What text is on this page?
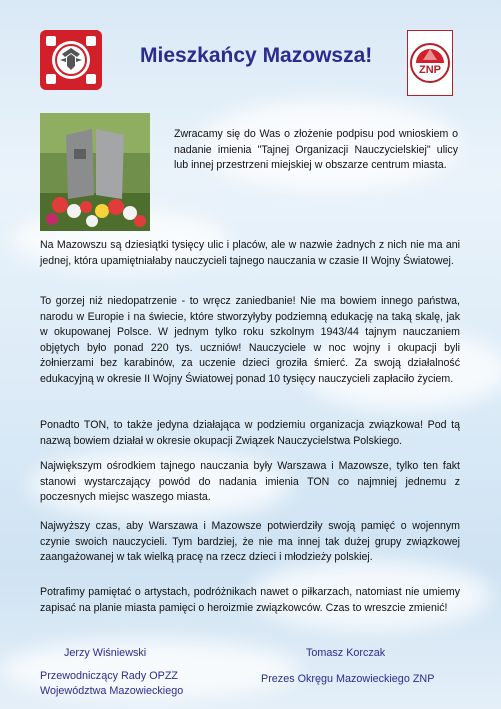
Mieszkańcy Mazowsza!
ZNP

Zwracamy się do Was o złożenie podpisu pod wnioskiem o nadanie imienia "Tajnej Organizacji Nauczycielskiej" ulicy lub innej przestrzeni miejskiej w obszarze centrum miasta.

Na Mazowszu są dziesiątki tysięcy ulic i placów, ale w nazwie żadnych z nich nie ma ani jednej, która upamiętniałaby nauczycieli tajnego nauczania w czasie II Wojny Światowej.

To gorzej niż niedopatrzenie - to wręcz zaniedbanie! Nie ma bowiem innego państwa, narodu w Europie i na świecie, które stworzyłyby podziemną edukację na taką skalę, jak w okupowanej Polsce. W jednym tylko roku szkolnym 1943/44 tajnym nauczaniem objętych było ponad 220 tys. uczniów! Nauczyciele w noc wojny i okupacji byli żołnierzami bez karabinów, za uczenie dzieci groziła śmierć. Za swoją działalność edukacyjną w okresie II Wojny Światowej ponad 10 tysięcy nauczycieli zapłaciło życiem.

Ponadto TON, to także jedyna działająca w podziemiu organizacja związkowa! Pod tą nazwą bowiem działał w okresie okupacji Związek Nauczycielstwa Polskiego.

Największym ośrodkiem tajnego nauczania były Warszawa i Mazowsze, tylko ten fakt stanowi wystarczający powód do nadania imienia TON co najmniej jednemu z poczesnych miejsc waszego miasta.

Najwyższy czas, aby Warszawa i Mazowsze potwierdziły swoją pamięć o wojennym czynie swoich nauczycieli. Tym bardziej, że nie ma innej tak dużej grupy związkowej zaangażowanej w tak wielką pracę na rzecz dzieci i młodzieży polskiej.

Potrafimy pamiętać o artystach, podróżnikach nawet o piłkarzach, natomiast nie umiemy zapisać na planie miasta pamięci o heroizmie związkowców. Czas to wreszcie zmienić!

Jerzy Wiśniewski	Tomasz Korczak
Przewodniczący Rady OPZZ
Województwa Mazowieckiego
Prezes Okręgu Mazowieckiego ZNP
